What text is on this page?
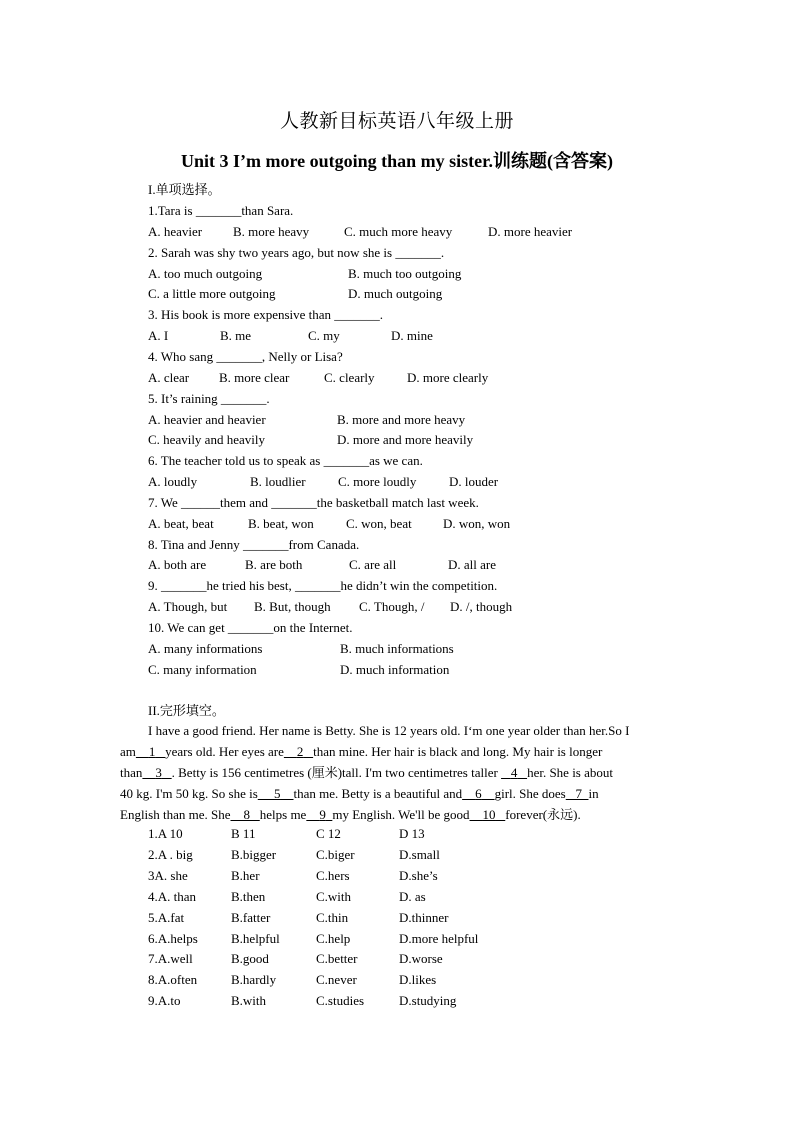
人教新目标英语八年级上册
Unit 3 I’m more outgoing than my sister.训练题(含答案)
I.单项选择。
1.Tara is _______than Sara.
A. heavier B. more heavy	C. much more heavy	D. more heavier
2. Sarah was shy two years ago, but now she is _______.
A. too much outgoing	B. much too outgoing
C. a little more outgoing	D. much outgoing
3. His book is more expensive than _______.
A. I	B. me	C. my	D. mine
4. Who sang _______, Nelly or Lisa?
A. clear B. more clear	C. clearly D. more clearly
5. It’s raining _______.
A. heavier and heavier	B. more and more heavy
C. heavily and heavily	D. more and more heavily
6. The teacher told us to speak as _______as we can.
A. loudly	B. loudlier C. more loudly	D. louder
7. We ______them and _______the basketball match last week.
A. beat, beat	B. beat, won C. won, beat D. won, won
8. Tina and Jenny _______from Canada.
A. both are	B. are both	C. are all	D. all are
9. _______he tried his best, _______he didn’t win the competition.
A. Though, but B. But, though C. Though, / D. /, though
10. We can get _______on the Internet.
A. many informations	B. much informations
C. many information	D. much information
II.完形填空。
I have a good friend. Her name is Betty. She is 12 years old. I‘m one year older than her.So I
am 1 years old. Her eyes are 2 than mine. Her hair is black and long. My hair is longer
than 3 . Betty is 156 centimetres (厘米)tall. I'm two centimetres taller    4 her. She is about
40 kg. I'm 50 kg. So she is 5 than me. Betty is a beautiful and 6 girl. She does 7 in
English than me. She 8 helps me 9 my English. We'll be good 10 forever(永远).
1.A 10	B 11	C 12	D 13
2.A . big	B.bigger	C.biger	D.small
3A. she	B.her	C.hers	D.she’s
4.A. than	B.then	C.with	D. as
5.A.fat	B.fatter	C.thin	D.thinner
6.A.helps	B.helpful	C.help	D.more helpful
7.A.well	B.good	C.better	D.worse
8.A.often	B.hardly	C.never	D.likes
9.A.to	B.with	C.studies	D.studying
